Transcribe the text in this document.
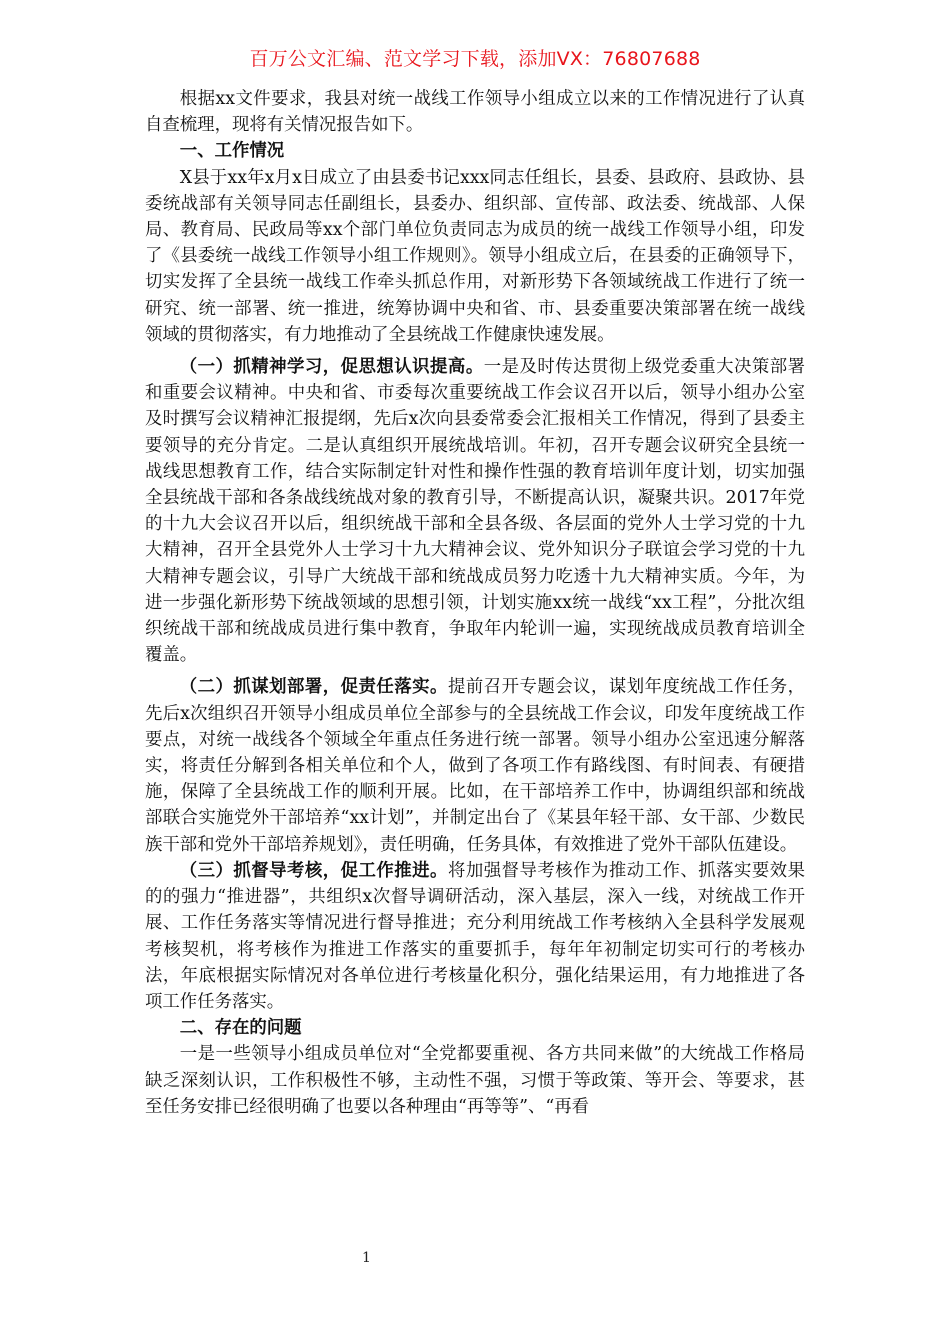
百万公文汇编、范文学习下载，添加VX：76807688

根据xx文件要求，我县对统一战线工作领导小组成立以来的工作情况进行了认真自查梳理，现将有关情况报告如下。

一、工作情况

X县于xx年x月x日成立了由县委书记xxx同志任组长，县委、县政府、县政协、县委统战部有关领导同志任副组长，县委办、组织部、宣传部、政法委、统战部、人保局、教育局、民政局等xx个部门单位负责同志为成员的统一战线工作领导小组，印发了《县委统一战线工作领导小组工作规则》。领导小组成立后，在县委的正确领导下，切实发挥了全县统一战线工作牵头抓总作用，对新形势下各领域统战工作进行了统一研究、统一部署、统一推进，统筹协调中央和省、市、县委重要决策部署在统一战线领域的贯彻落实，有力地推动了全县统战工作健康快速发展。

（一）抓精神学习，促思想认识提高。一是及时传达贯彻上级党委重大决策部署和重要会议精神。中央和省、市委每次重要统战工作会议召开以后，领导小组办公室及时撰写会议精神汇报提纲，先后x次向县委常委会汇报相关工作情况，得到了县委主要领导的充分肯定。二是认真组织开展统战培训。年初，召开专题会议研究全县统一战线思想教育工作，结合实际制定针对性和操作性强的教育培训年度计划，切实加强全县统战干部和各条战线统战对象的教育引导，不断提高认识，凝聚共识。2017年党的十九大会议召开以后，组织统战干部和全县各级、各层面的党外人士学习党的十九大精神，召开全县党外人士学习十九大精神会议、党外知识分子联谊会学习党的十九大精神专题会议，引导广大统战干部和统战成员努力吃透十九大精神实质。今年，为进一步强化新形势下统战领域的思想引领，计划实施xx统一战线“xx工程”，分批次组织统战干部和统战成员进行集中教育，争取年内轮训一遍，实现统战成员教育培训全覆盖。

（二）抓谋划部署，促责任落实。提前召开专题会议，谋划年度统战工作任务，先后x次组织召开领导小组成员单位全部参与的全县统战工作会议，印发年度统战工作要点，对统一战线各个领域全年重点任务进行统一部署。领导小组办公室迅速分解落实，将责任分解到各相关单位和个人，做到了各项工作有路线图、有时间表、有硬措施，保障了全县统战工作的顺利开展。比如，在干部培养工作中，协调组织部和统战部联合实施党外干部培养“xx计划”，并制定出台了《某县年轻干部、女干部、少数民族干部和党外干部培养规划》，责任明确，任务具体，有效推进了党外干部队伍建设。

（三）抓督导考核，促工作推进。将加强督导考核作为推动工作、抓落实要效果的的强力“推进器”，共组织x次督导调研活动，深入基层，深入一线，对统战工作开展、工作任务落实等情况进行督导推进；充分利用统战工作考核纳入全县科学发展观考核契机，将考核作为推进工作落实的重要抓手，每年年初制定切实可行的考核办法，年底根据实际情况对各单位进行考核量化积分，强化结果运用，有力地推进了各项工作任务落实。

二、存在的问题

一是一些领导小组成员单位对“全党都要重视、各方共同来做”的大统战工作格局缺乏深刻认识，工作积极性不够，主动性不强，习惯于等政策、等开会、等要求，甚至任务安排已经很明确了也要以各种理由“再等等”、“再看

1
